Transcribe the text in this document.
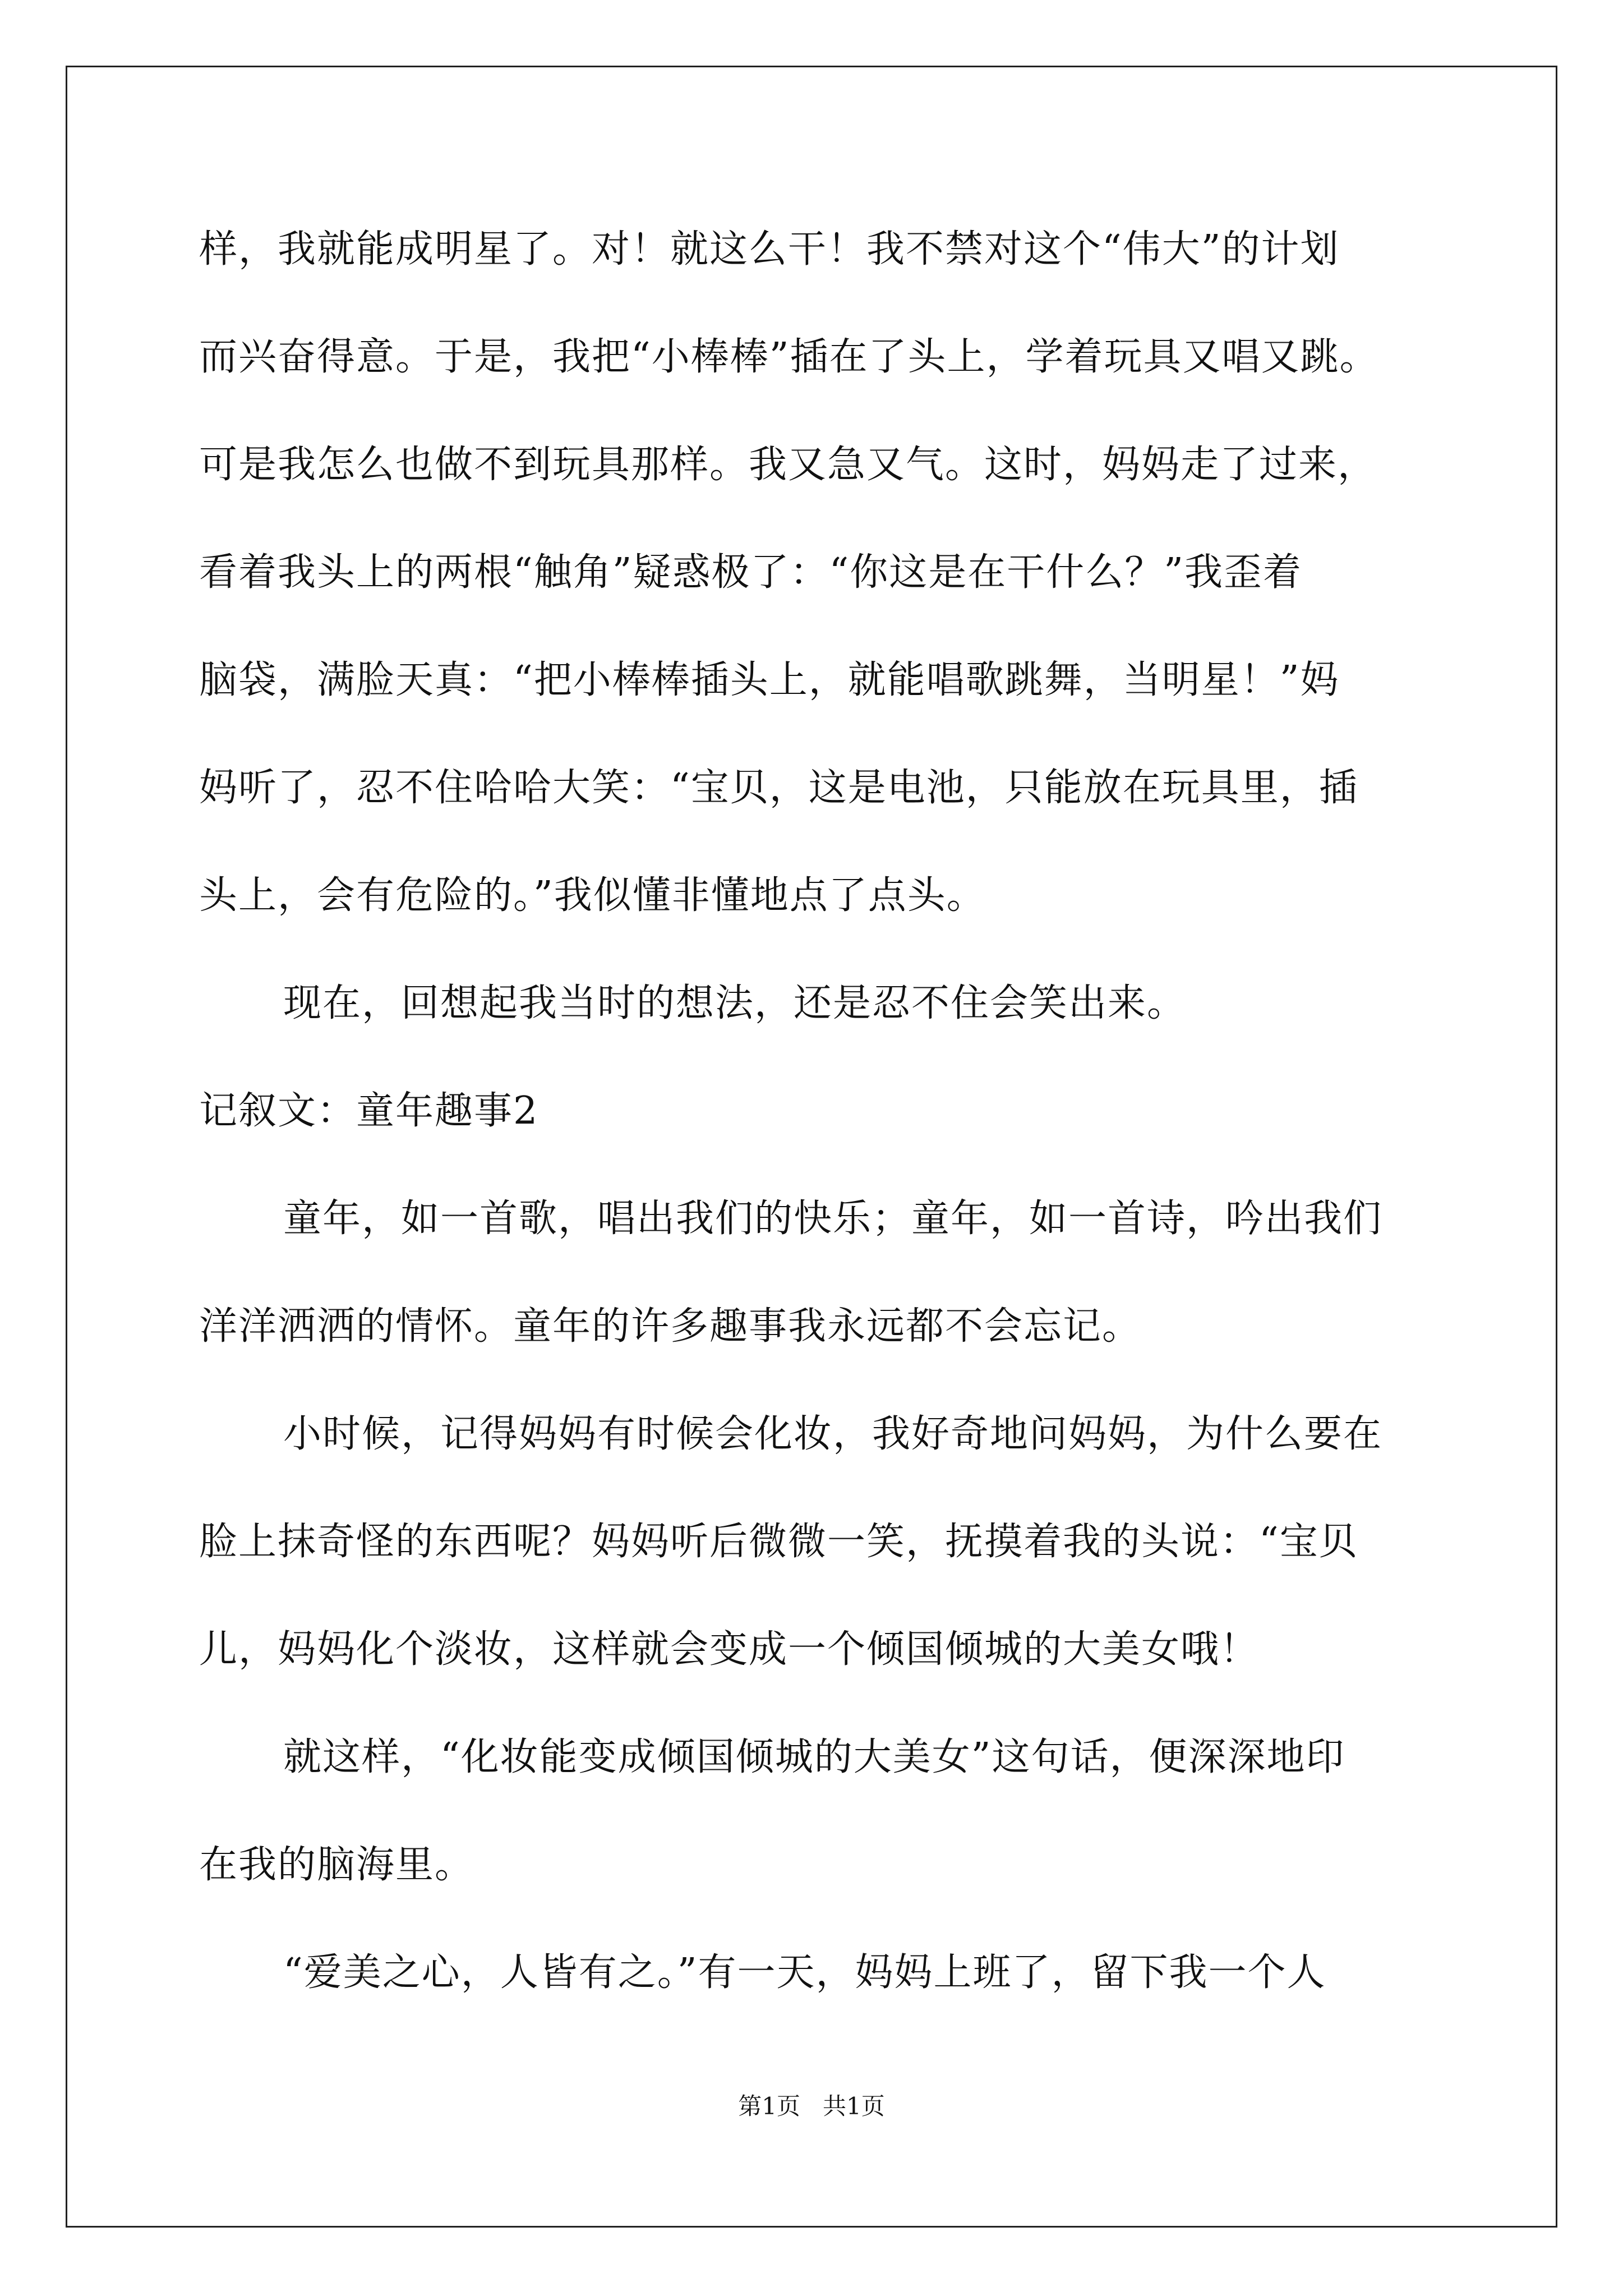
样，我就能成明星了。对！就这么干！我不禁对这个“伟大”的计划
而兴奋得意。于是，我把“小棒棒”插在了头上，学着玩具又唱又跳。
可是我怎么也做不到玩具那样。我又急又气。这时，妈妈走了过来，
看着我头上的两根“触角”疑惑极了：“你这是在干什么？”我歪着
脑袋，满脸天真：“把小棒棒插头上，就能唱歌跳舞，当明星！”妈
妈听了，忍不住哈哈大笑：“宝贝，这是电池，只能放在玩具里，插
头上，会有危险的。”我似懂非懂地点了点头。
现在，回想起我当时的想法，还是忍不住会笑出来。
记叙文：童年趣事2
童年，如一首歌，唱出我们的快乐；童年，如一首诗，吟出我们
洋洋洒洒的情怀。童年的许多趣事我永远都不会忘记。
小时候，记得妈妈有时候会化妆，我好奇地问妈妈，为什么要在
脸上抹奇怪的东西呢？妈妈听后微微一笑，抚摸着我的头说：“宝贝
儿，妈妈化个淡妆，这样就会变成一个倾国倾城的大美女哦！
就这样，“化妆能变成倾国倾城的大美女”这句话，便深深地印
在我的脑海里。
“爱美之心，人皆有之。”有一天，妈妈上班了，留下我一个人
第1页   共1页
